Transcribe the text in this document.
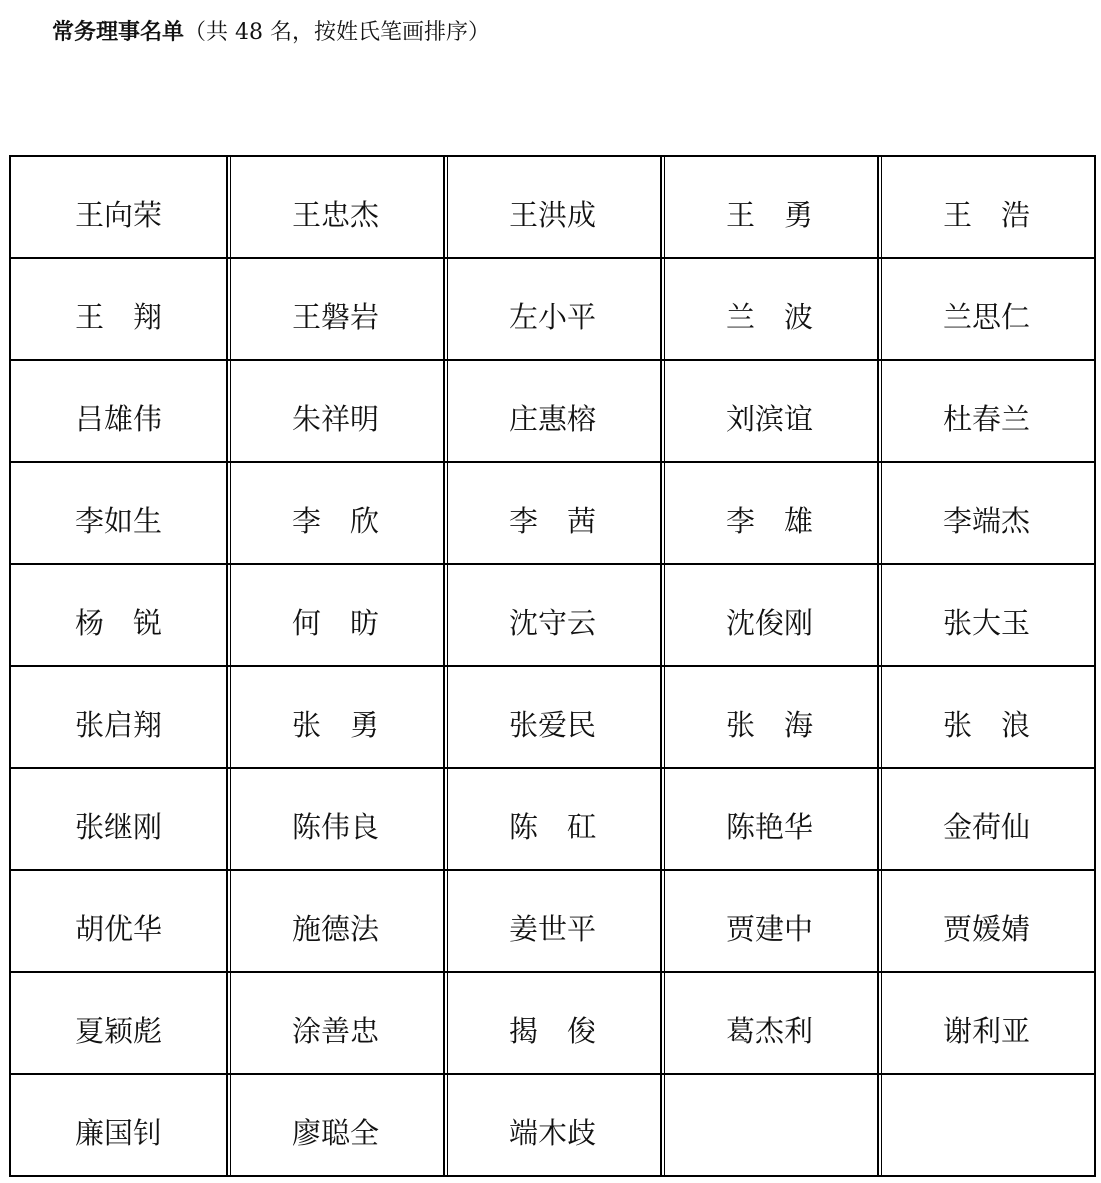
常务理事名单（共 48 名，按姓氏笔画排序）
王向荣	王忠杰	王洪成	王　勇	王　浩
王　翔	王磐岩	左小平	兰　波	兰思仁
吕雄伟	朱祥明	庄惠榕	刘滨谊	杜春兰
李如生	李　欣	李　茜	李　雄	李端杰
杨　锐	何　昉	沈守云	沈俊刚	张大玉
张启翔	张　勇	张爱民	张　海	张　浪
张继刚	陈伟良	陈　矼	陈艳华	金荷仙
胡优华	施德法	姜世平	贾建中	贾媛婧
夏颖彪	涂善忠	揭　俊	葛杰利	谢利亚
廉国钊	廖聪全	端木歧		
